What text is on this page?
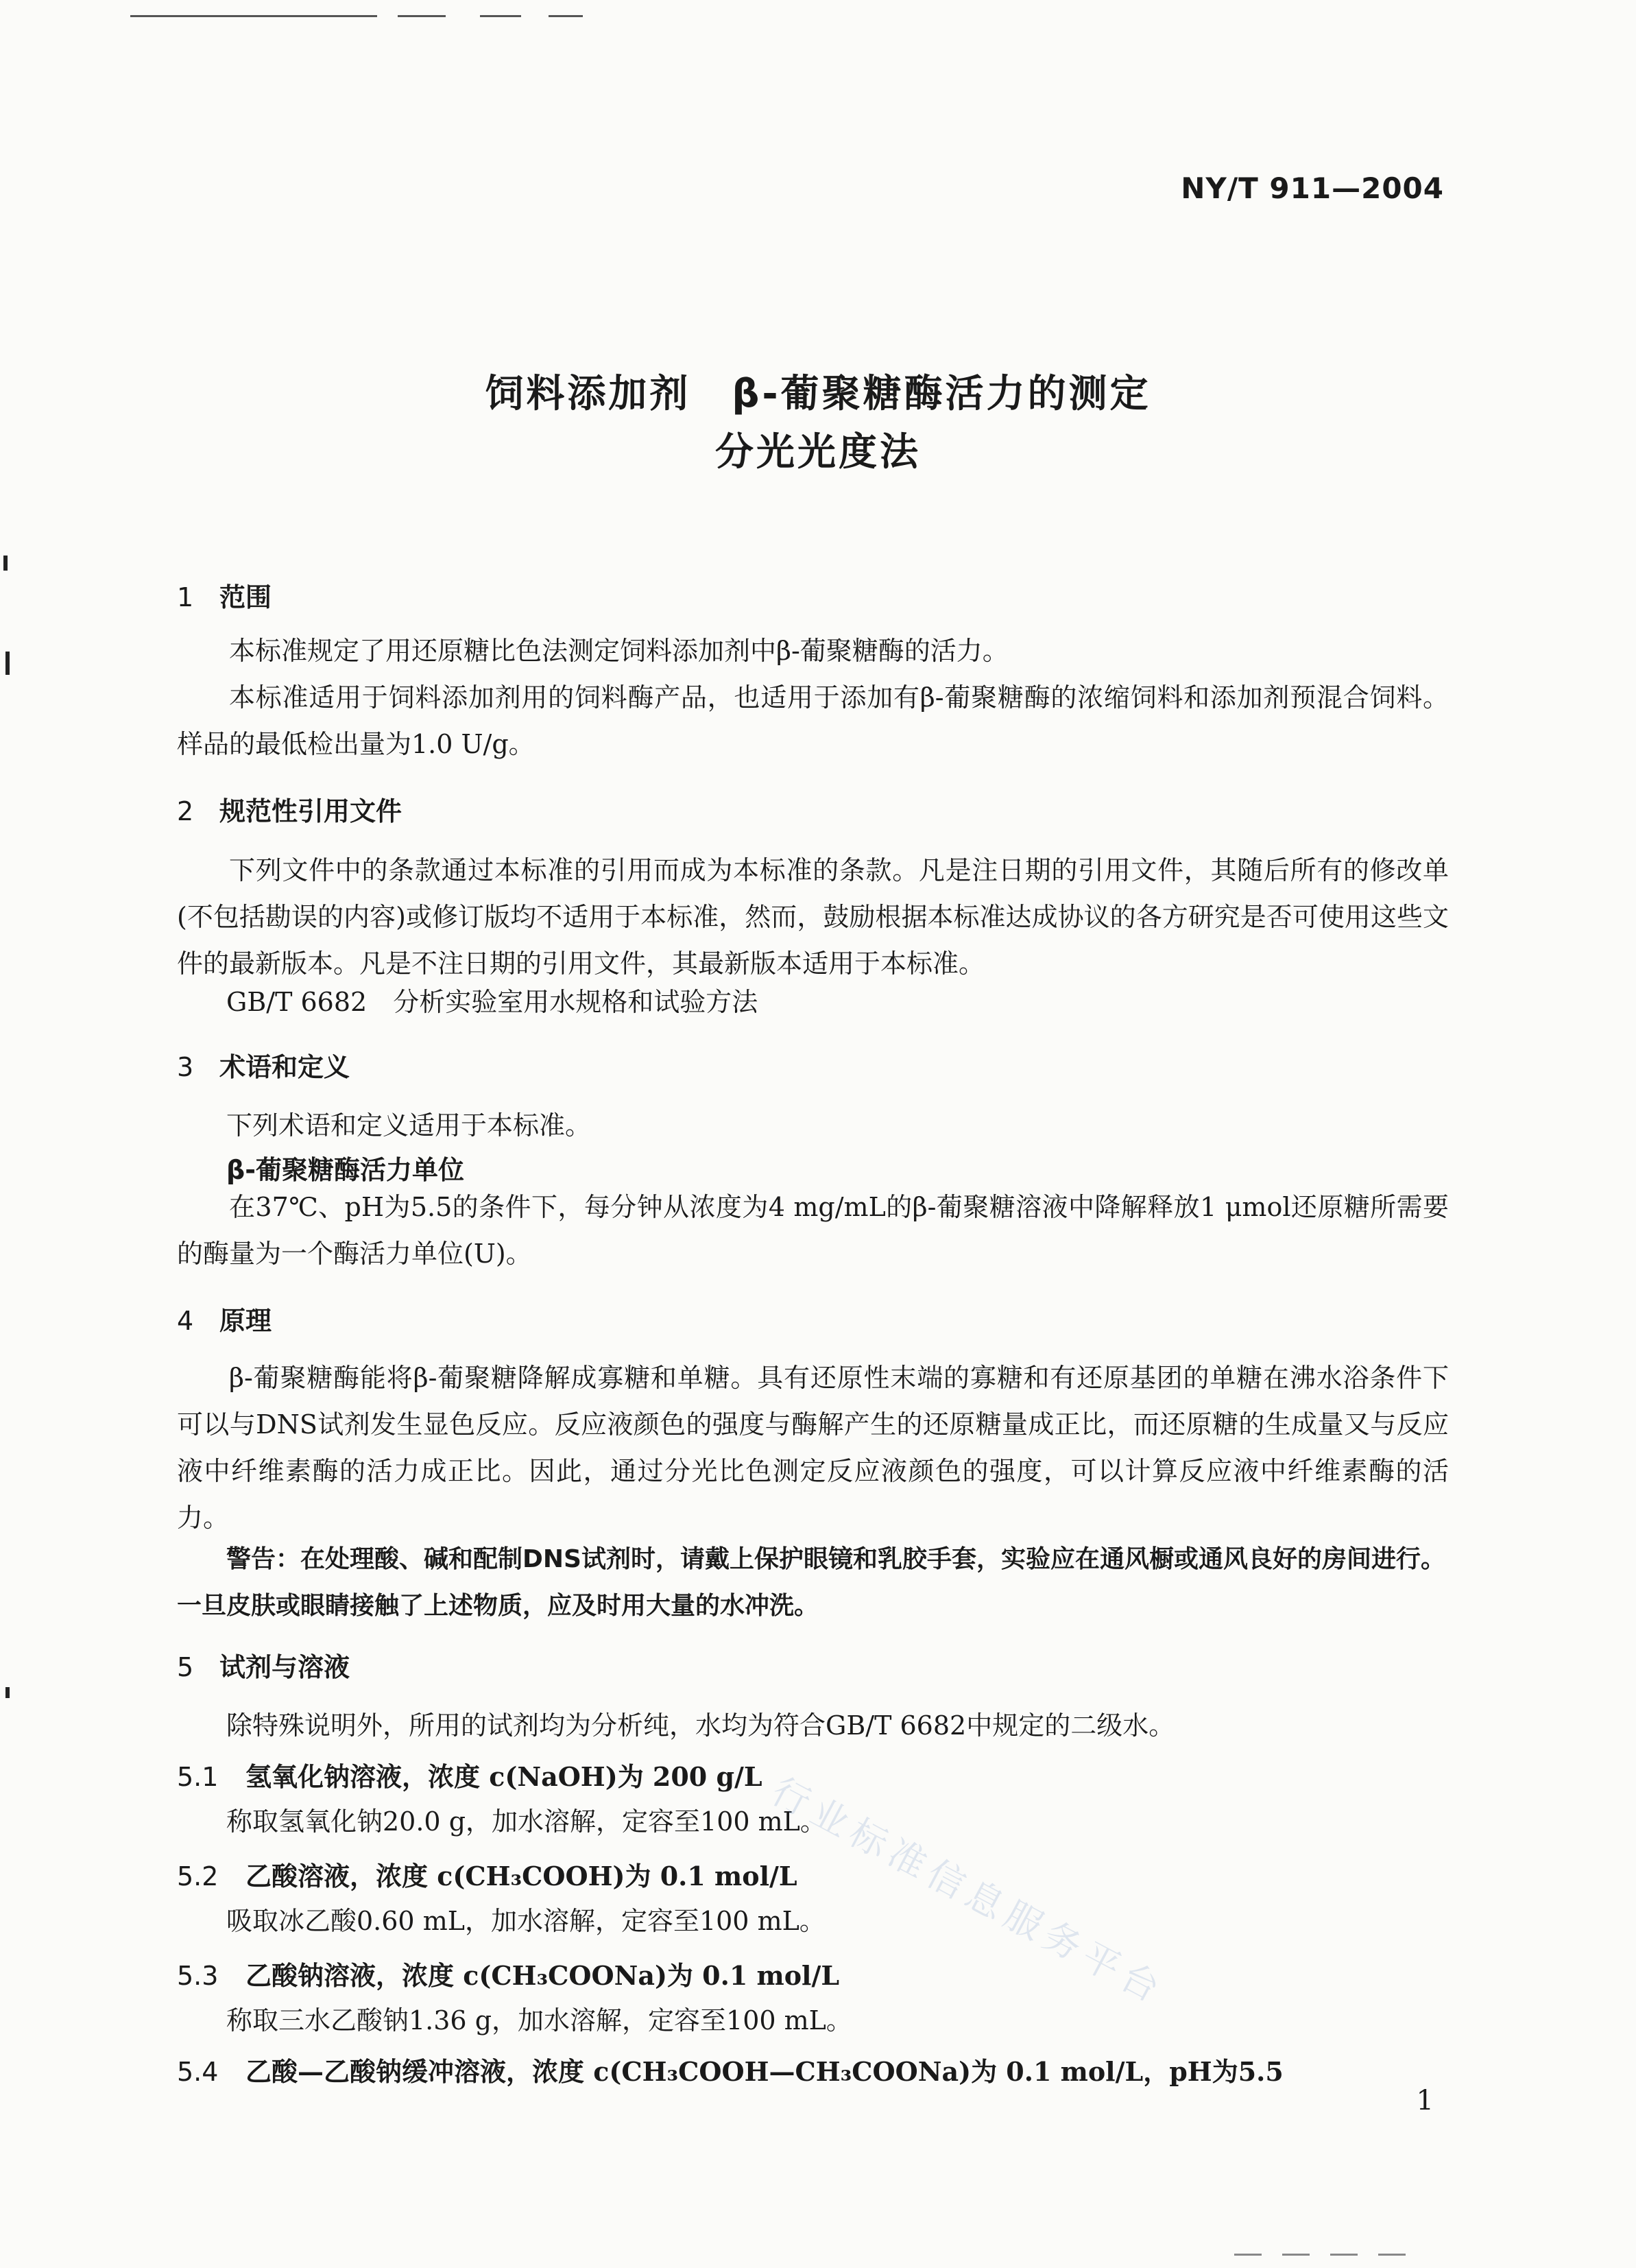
NY/T 911—2004
饲料添加剂　β-葡聚糖酶活力的测定
分光光度法
1 范围
本标准规定了用还原糖比色法测定饲料添加剂中β-葡聚糖酶的活力。
本标准适用于饲料添加剂用的饲料酶产品，也适用于添加有β-葡聚糖酶的浓缩饲料和添加剂预混合饲料。样品的最低检出量为1.0 U/g。
2 规范性引用文件
下列文件中的条款通过本标准的引用而成为本标准的条款。凡是注日期的引用文件，其随后所有的修改单(不包括勘误的内容)或修订版均不适用于本标准，然而，鼓励根据本标准达成协议的各方研究是否可使用这些文件的最新版本。凡是不注日期的引用文件，其最新版本适用于本标准。
GB/T 6682　分析实验室用水规格和试验方法
3 术语和定义
下列术语和定义适用于本标准。
β-葡聚糖酶活力单位
在37℃、pH为5.5的条件下，每分钟从浓度为4 mg/mL的β-葡聚糖溶液中降解释放1 μmol还原糖所需要的酶量为一个酶活力单位(U)。
4 原理
β-葡聚糖酶能将β-葡聚糖降解成寡糖和单糖。具有还原性末端的寡糖和有还原基团的单糖在沸水浴条件下可以与DNS试剂发生显色反应。反应液颜色的强度与酶解产生的还原糖量成正比，而还原糖的生成量又与反应液中纤维素酶的活力成正比。因此，通过分光比色测定反应液颜色的强度，可以计算反应液中纤维素酶的活力。
警告：在处理酸、碱和配制DNS试剂时，请戴上保护眼镜和乳胶手套，实验应在通风橱或通风良好的房间进行。一旦皮肤或眼睛接触了上述物质，应及时用大量的水冲洗。
5 试剂与溶液
除特殊说明外，所用的试剂均为分析纯，水均为符合GB/T 6682中规定的二级水。
5.1 氢氧化钠溶液，浓度 c(NaOH)为 200 g/L
称取氢氧化钠20.0 g，加水溶解，定容至100 mL。
5.2 乙酸溶液，浓度 c(CH₃COOH)为 0.1 mol/L
吸取冰乙酸0.60 mL，加水溶解，定容至100 mL。
5.3 乙酸钠溶液，浓度 c(CH₃COONa)为 0.1 mol/L
称取三水乙酸钠1.36 g，加水溶解，定容至100 mL。
5.4 乙酸—乙酸钠缓冲溶液，浓度 c(CH₃COOH—CH₃COONa)为 0.1 mol/L，pH为5.5
1
行业标准信息服务平台
